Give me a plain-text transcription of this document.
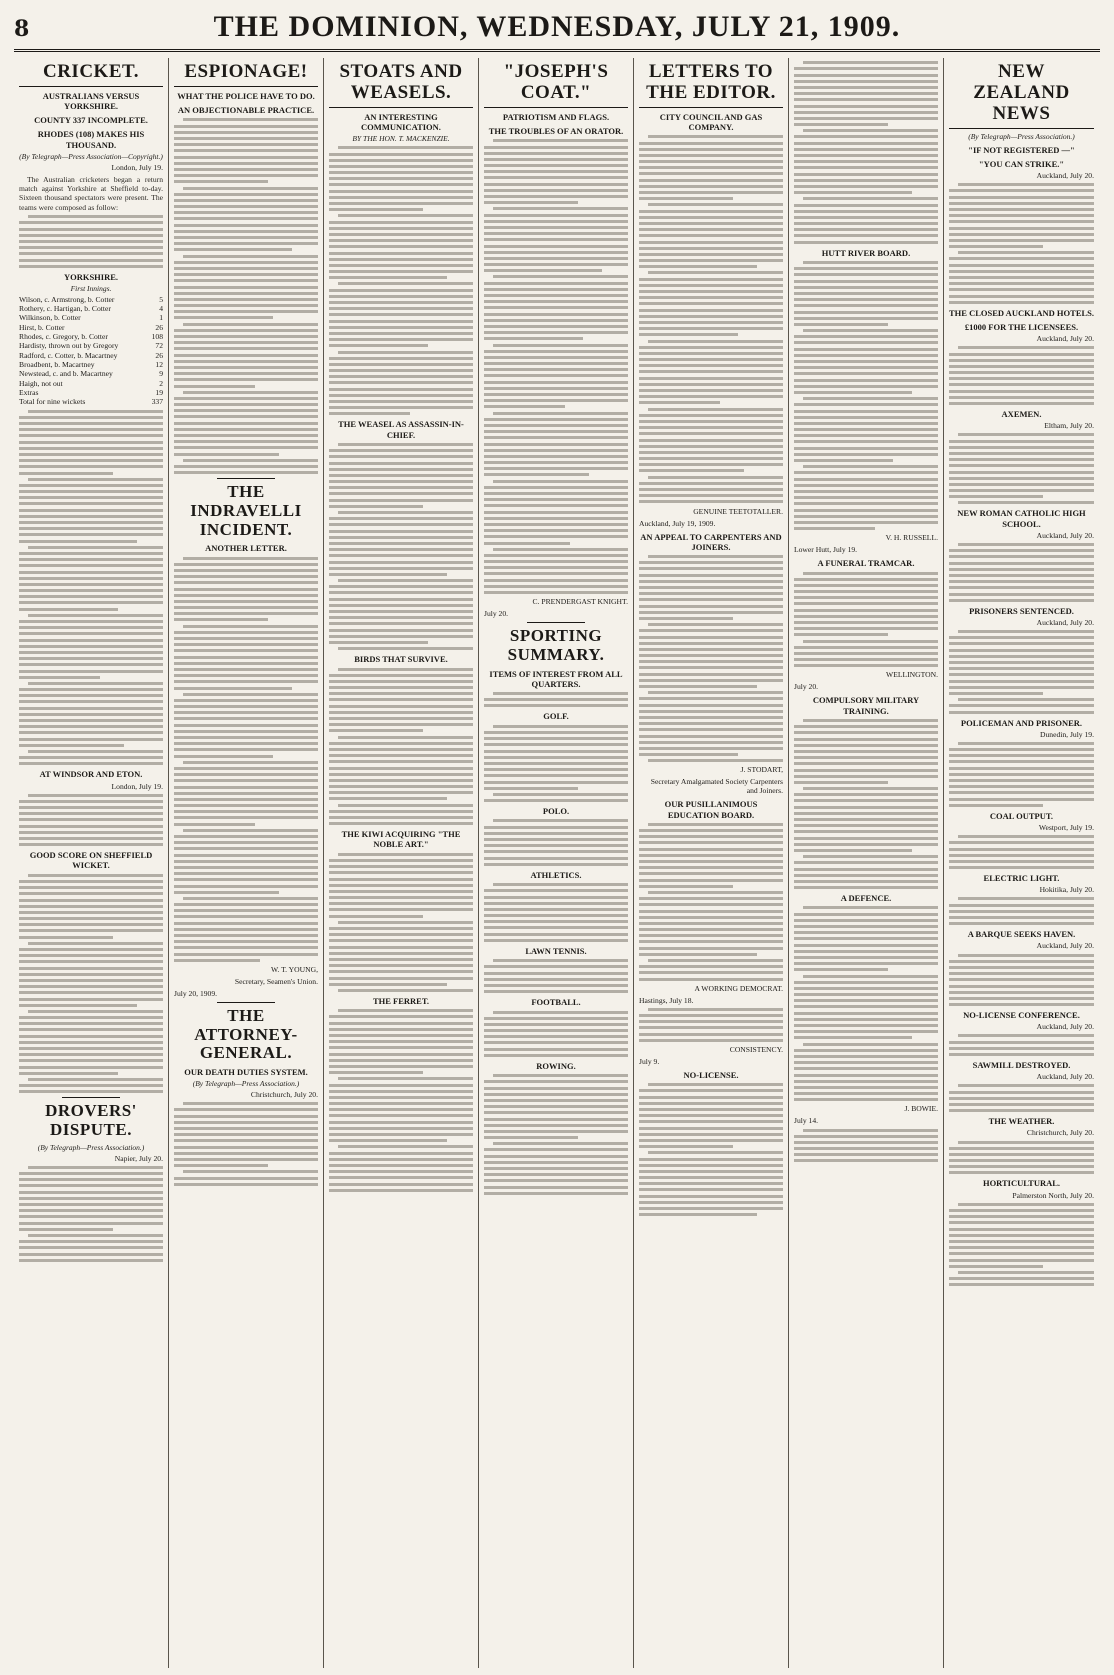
8	THE DOMINION, WEDNESDAY, JULY 21, 1909.
CRICKET.
AUSTRALIANS VERSUS YORKSHIRE.
COUNTY 337 INCOMPLETE.
RHODES (108) MAKES HIS THOUSAND.
(By Telegraph—Press Association—Copyright.)
London, July 19.

The Australian cricketers began a return match against Yorkshire at Sheffield to-day. Sixteen thousand spectators were present. The teams were composed as follow:

YORKSHIRE.
First Innings.
Wilson, c. Armstrong, b. Cotter	5
Rothery, c. Hartigan, b. Cotter	4
Wilkinson, b. Cotter	1
Hirst, b. Cotter	26
Rhodes, c. Gregory, b. Cotter	108
Hardisty, thrown out by Gregory	72
Radford, c. Cotter, b. Macartney	26
Broadbent, b. Macartney	12
Newstead, c. and b. Macartney	9
Haigh, not out	2
Extras	19
Total for nine wickets	337
AT WINDSOR AND ETON.
London, July 19.
GOOD SCORE ON SHEFFIELD WICKET.
DROVERS' DISPUTE.
(By Telegraph—Press Association.)
Napier, July 20.
ESPIONAGE!
WHAT THE POLICE HAVE TO DO.
AN OBJECTIONABLE PRACTICE.
THE INDRAVELLI INCIDENT.
ANOTHER LETTER.
W. T. YOUNG,
Secretary, Seamen's Union.
July 20, 1909.
THE ATTORNEY-GENERAL.
OUR DEATH DUTIES SYSTEM.
(By Telegraph—Press Association.)
Christchurch, July 20.
STOATS AND WEASELS.
AN INTERESTING COMMUNICATION.
BY THE HON. T. MACKENZIE.
THE WEASEL AS ASSASSIN-IN-CHIEF.
BIRDS THAT SURVIVE.
THE KIWI ACQUIRING "THE NOBLE ART."
THE FERRET.
"JOSEPH'S COAT."
PATRIOTISM AND FLAGS.
THE TROUBLES OF AN ORATOR.
C. PRENDERGAST KNIGHT.
July 20.
SPORTING SUMMARY.
ITEMS OF INTEREST FROM ALL QUARTERS.
GOLF.
POLO.
ATHLETICS.
LAWN TENNIS.
FOOTBALL.
ROWING.
LETTERS TO THE EDITOR.
CITY COUNCIL AND GAS COMPANY.
GENUINE TEETOTALLER.
Auckland, July 19, 1909.
AN APPEAL TO CARPENTERS AND JOINERS.
J. STODART,
Secretary Amalgamated Society Carpenters and Joiners.
OUR PUSILLANIMOUS EDUCATION BOARD.
A WORKING DEMOCRAT.
Hastings, July 18.
CONSISTENCY.
July 9.
NO-LICENSE.
HUTT RIVER BOARD.
V. H. RUSSELL.
Lower Hutt, July 19.
A FUNERAL TRAMCAR.
WELLINGTON.
July 20.
COMPULSORY MILITARY TRAINING.
A DEFENCE.
J. BOWIE.
July 14.
NEW ZEALAND NEWS
(By Telegraph—Press Association.)
"IF NOT REGISTERED —"
"YOU CAN STRIKE."
Auckland, July 20.
THE CLOSED AUCKLAND HOTELS.
£1000 FOR THE LICENSEES.
Auckland, July 20.
AXEMEN.
Eltham, July 20.
NEW ROMAN CATHOLIC HIGH SCHOOL.
Auckland, July 20.
PRISONERS SENTENCED.
Auckland, July 20.
POLICEMAN AND PRISONER.
Dunedin, July 19.
COAL OUTPUT.
Westport, July 19.
ELECTRIC LIGHT.
Hokitika, July 20.
A BARQUE SEEKS HAVEN.
Auckland, July 20.
NO-LICENSE CONFERENCE.
Auckland, July 20.
SAWMILL DESTROYED.
Auckland, July 20.
THE WEATHER.
Christchurch, July 20.
HORTICULTURAL.
Palmerston North, July 20.
